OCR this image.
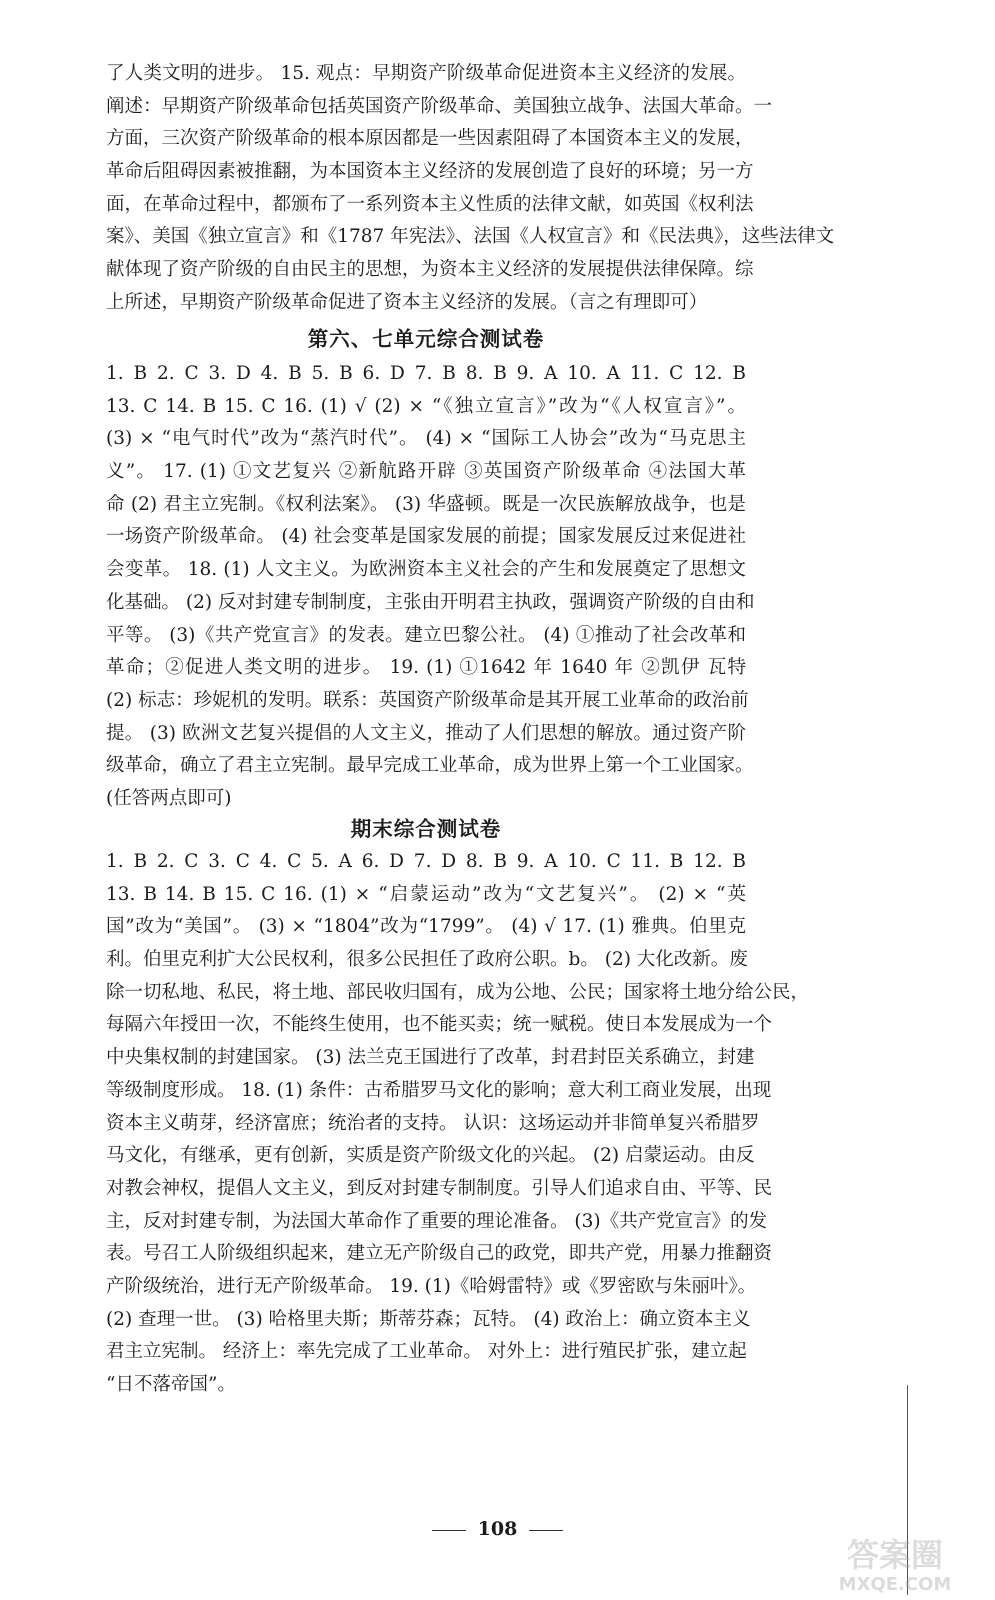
了人类文明的进步。 15. 观点：早期资产阶级革命促进资本主义经济的发展。
阐述：早期资产阶级革命包括英国资产阶级革命、美国独立战争、法国大革命。一
方面，三次资产阶级革命的根本原因都是一些因素阻碍了本国资本主义的发展，
革命后阻碍因素被推翻，为本国资本主义经济的发展创造了良好的环境；另一方
面，在革命过程中，都颁布了一系列资本主义性质的法律文献，如英国《权利法
案》、美国《独立宣言》和《1787 年宪法》、法国《人权宣言》和《民法典》，这些法律文
献体现了资产阶级的自由民主的思想，为资本主义经济的发展提供法律保障。综
上所述，早期资产阶级革命促进了资本主义经济的发展。（言之有理即可）
第六、七单元综合测试卷
1. B 2. C 3. D 4. B 5. B 6. D 7. B 8. B 9. A 10. A 11. C 12. B
13. C 14. B 15. C 16. (1) √ (2) × “《独立宣言》”改为“《人权宣言》”。
(3) × “电气时代”改为“蒸汽时代”。 (4) × “国际工人协会”改为“马克思主
义”。 17. (1) ①文艺复兴 ②新航路开辟 ③英国资产阶级革命 ④法国大革
命 (2) 君主立宪制。《权利法案》。 (3) 华盛顿。既是一次民族解放战争，也是
一场资产阶级革命。 (4) 社会变革是国家发展的前提；国家发展反过来促进社
会变革。 18. (1) 人文主义。为欧洲资本主义社会的产生和发展奠定了思想文
化基础。 (2) 反对封建专制制度，主张由开明君主执政，强调资产阶级的自由和
平等。 (3)《共产党宣言》的发表。建立巴黎公社。 (4) ①推动了社会改革和
革命；②促进人类文明的进步。 19. (1) ①1642 年 1640 年 ②凯伊 瓦特
(2) 标志：珍妮机的发明。联系：英国资产阶级革命是其开展工业革命的政治前
提。 (3) 欧洲文艺复兴提倡的人文主义，推动了人们思想的解放。通过资产阶
级革命，确立了君主立宪制。最早完成工业革命，成为世界上第一个工业国家。
(任答两点即可)
期末综合测试卷
1. B 2. C 3. C 4. C 5. A 6. D 7. D 8. B 9. A 10. C 11. B 12. B
13. B 14. B 15. C 16. (1) × “启蒙运动”改为“文艺复兴”。 (2) × “英
国”改为“美国”。 (3) × “1804”改为“1799”。 (4) √ 17. (1) 雅典。伯里克
利。伯里克利扩大公民权利，很多公民担任了政府公职。b。 (2) 大化改新。废
除一切私地、私民，将土地、部民收归国有，成为公地、公民；国家将土地分给公民，
每隔六年授田一次，不能终生使用，也不能买卖；统一赋税。使日本发展成为一个
中央集权制的封建国家。 (3) 法兰克王国进行了改革，封君封臣关系确立，封建
等级制度形成。 18. (1) 条件：古希腊罗马文化的影响；意大利工商业发展，出现
资本主义萌芽，经济富庶；统治者的支持。 认识：这场运动并非简单复兴希腊罗
马文化，有继承，更有创新，实质是资产阶级文化的兴起。 (2) 启蒙运动。由反
对教会神权，提倡人文主义，到反对封建专制制度。引导人们追求自由、平等、民
主，反对封建专制，为法国大革命作了重要的理论准备。 (3)《共产党宣言》的发
表。号召工人阶级组织起来，建立无产阶级自己的政党，即共产党，用暴力推翻资
产阶级统治，进行无产阶级革命。 19. (1)《哈姆雷特》或《罗密欧与朱丽叶》。
(2) 查理一世。 (3) 哈格里夫斯；斯蒂芬森；瓦特。 (4) 政治上：确立资本主义
君主立宪制。 经济上：率先完成了工业革命。 对外上：进行殖民扩张，建立起
“日不落帝国”。
108
答案圈
MXQE.COM
